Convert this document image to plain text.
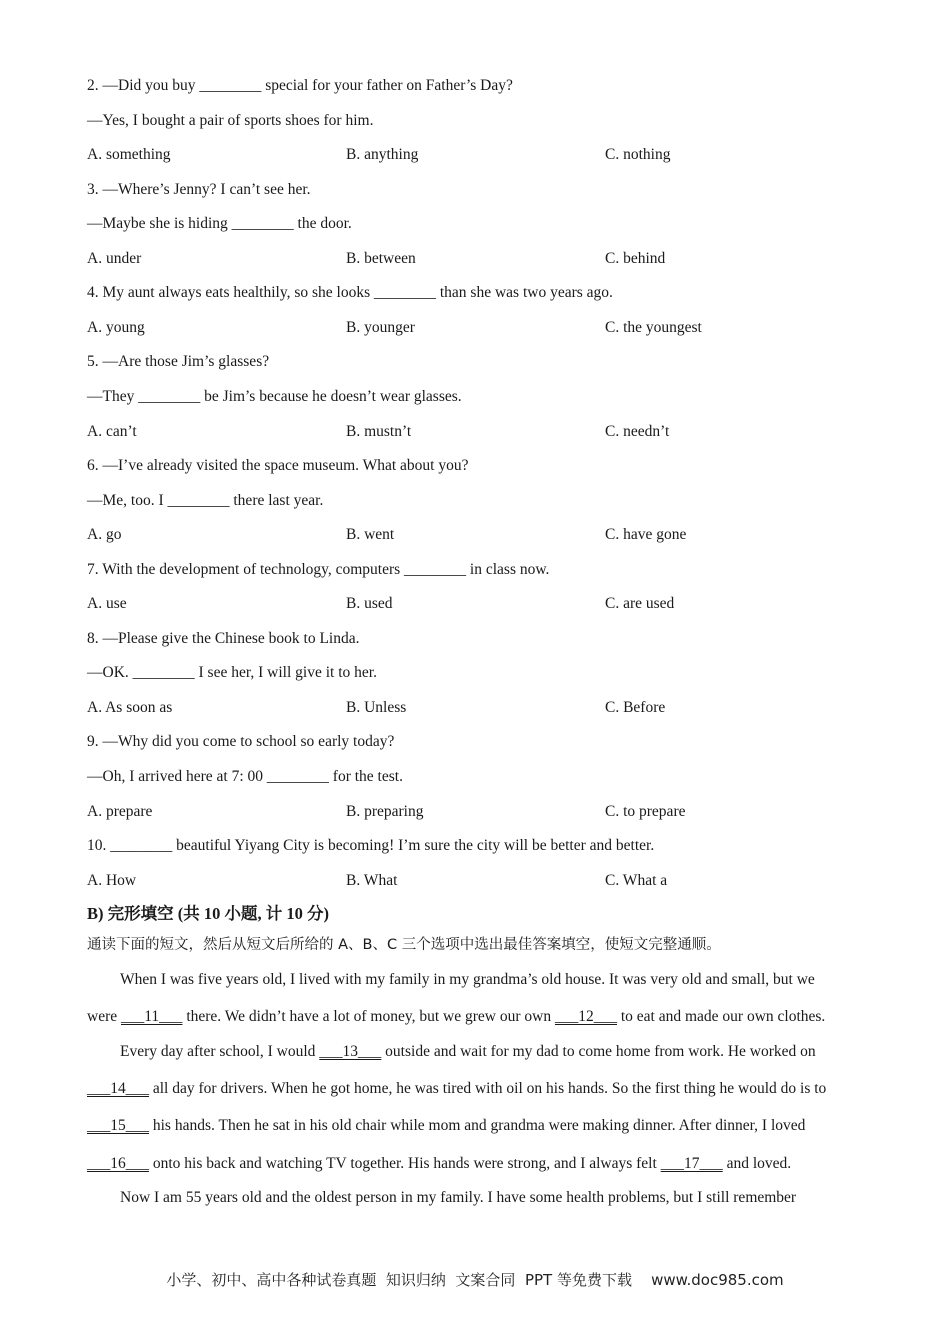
2. —Did you buy ________ special for your father on Father’s Day?
—Yes, I bought a pair of sports shoes for him.
A. something	B. anything	C. nothing
3. —Where’s Jenny? I can’t see her.
—Maybe she is hiding ________ the door.
A. under	B. between	C. behind
4. My aunt always eats healthily, so she looks ________ than she was two years ago.
A. young	B. younger	C. the youngest
5. —Are those Jim’s glasses?
—They ________ be Jim’s because he doesn’t wear glasses.
A. can’t	B. mustn’t	C. needn’t
6. —I’ve already visited the space museum. What about you?
—Me, too. I ________ there last year.
A. go	B. went	C. have gone
7. With the development of technology, computers ________ in class now.
A. use	B. used	C. are used
8. —Please give the Chinese book to Linda.
—OK. ________ I see her, I will give it to her.
A. As soon as	B. Unless	C. Before
9. —Why did you come to school so early today?
—Oh, I arrived here at 7: 00 ________ for the test.
A. prepare	B. preparing	C. to prepare
10. ________ beautiful Yiyang City is becoming! I’m sure the city will be better and better.
A. How	B. What	C. What a
B) 完形填空 (共 10 小题, 计 10 分)
通读下面的短文，然后从短文后所给的 A、B、C 三个选项中选出最佳答案填空，使短文完整通顺。
When I was five years old, I lived with my family in my grandma’s old house. It was very old and small, but we
were ___11___ there. We didn’t have a lot of money, but we grew our own ___12___ to eat and made our own clothes.
Every day after school, I would ___13___ outside and wait for my dad to come home from work. He worked on
___14___ all day for drivers. When he got home, he was tired with oil on his hands. So the first thing he would do is to
___15___ his hands. Then he sat in his old chair while mom and grandma were making dinner. After dinner, I loved
___16___ onto his back and watching TV together. His hands were strong, and I always felt ___17___ and loved.
Now I am 55 years old and the oldest person in my family. I have some health problems, but I still remember
小学、初中、高中各种试卷真题  知识归纳  文案合同  PPT 等免费下载    www.doc985.com
